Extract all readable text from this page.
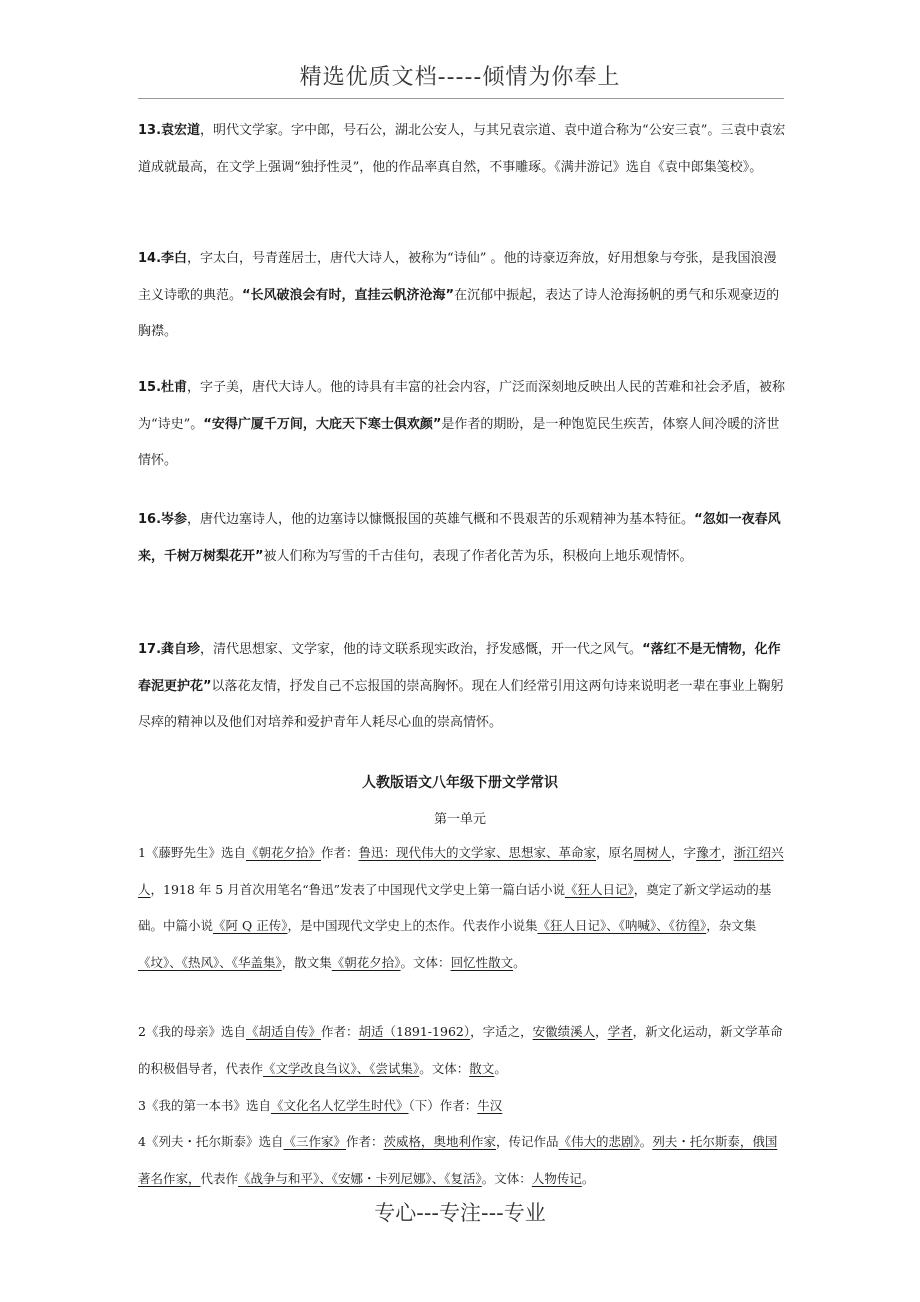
精选优质文档-----倾情为你奉上
13.袁宏道，明代文学家。字中郎，号石公，湖北公安人，与其兄袁宗道、袁中道合称为“公安三袁”。三袁中袁宏道成就最高，在文学上强调“独抒性灵”，他的作品率真自然，不事雕琢。《满井游记》选自《袁中郎集笺校》。
14.李白，字太白，号青莲居士，唐代大诗人，被称为“诗仙” 。他的诗豪迈奔放，好用想象与夸张，是我国浪漫主义诗歌的典范。“长风破浪会有时，直挂云帆济沧海”在沉郁中振起，表达了诗人沧海扬帆的勇气和乐观豪迈的胸襟。
15.杜甫，字子美，唐代大诗人。他的诗具有丰富的社会内容，广泛而深刻地反映出人民的苦难和社会矛盾，被称为“诗史”。“安得广厦千万间，大庇天下寒士俱欢颜”是作者的期盼，是一种饱览民生疾苦，体察人间冷暖的济世情怀。
16.岑参，唐代边塞诗人，他的边塞诗以慷慨报国的英雄气概和不畏艰苦的乐观精神为基本特征。“忽如一夜春风来，千树万树梨花开”被人们称为写雪的千古佳句，表现了作者化苦为乐，积极向上地乐观情怀。
17.龚自珍，清代思想家、文学家，他的诗文联系现实政治，抒发感慨，开一代之风气。“落红不是无情物，化作春泥更护花”以落花友情，抒发自己不忘报国的崇高胸怀。现在人们经常引用这两句诗来说明老一辈在事业上鞠躬尽瘁的精神以及他们对培养和爱护青年人耗尽心血的崇高情怀。
人教版语文八年级下册文学常识
第一单元
1《藤野先生》选自《朝花夕拾》作者：鲁迅：现代伟大的文学家、思想家、革命家，原名周树人，字豫才，浙江绍兴人，1918 年 5 月首次用笔名“鲁迅”发表了中国现代文学史上第一篇白话小说《狂人日记》，奠定了新文学运动的基础。中篇小说《阿 Q 正传》，是中国现代文学史上的杰作。代表作小说集《狂人日记》、《呐喊》、《彷徨》，杂文集《坟》、《热风》、《华盖集》，散文集《朝花夕拾》。文体：回忆性散文。
2《我的母亲》选自《胡适自传》作者：胡适（1891-1962），字适之，安徽绩溪人，学者，新文化运动，新文学革命的积极倡导者，代表作《文学改良刍议》、《尝试集》。文体：散文。
3《我的第一本书》选自《文化名人忆学生时代》（下）作者：牛汉
4《列夫・托尔斯泰》选自《三作家》作者：茨威格，奥地利作家，传记作品《伟大的悲剧》。列夫・托尔斯泰，俄国著名作家，代表作《战争与和平》、《安娜・卡列尼娜》、《复活》。文体：人物传记。
专心---专注---专业
